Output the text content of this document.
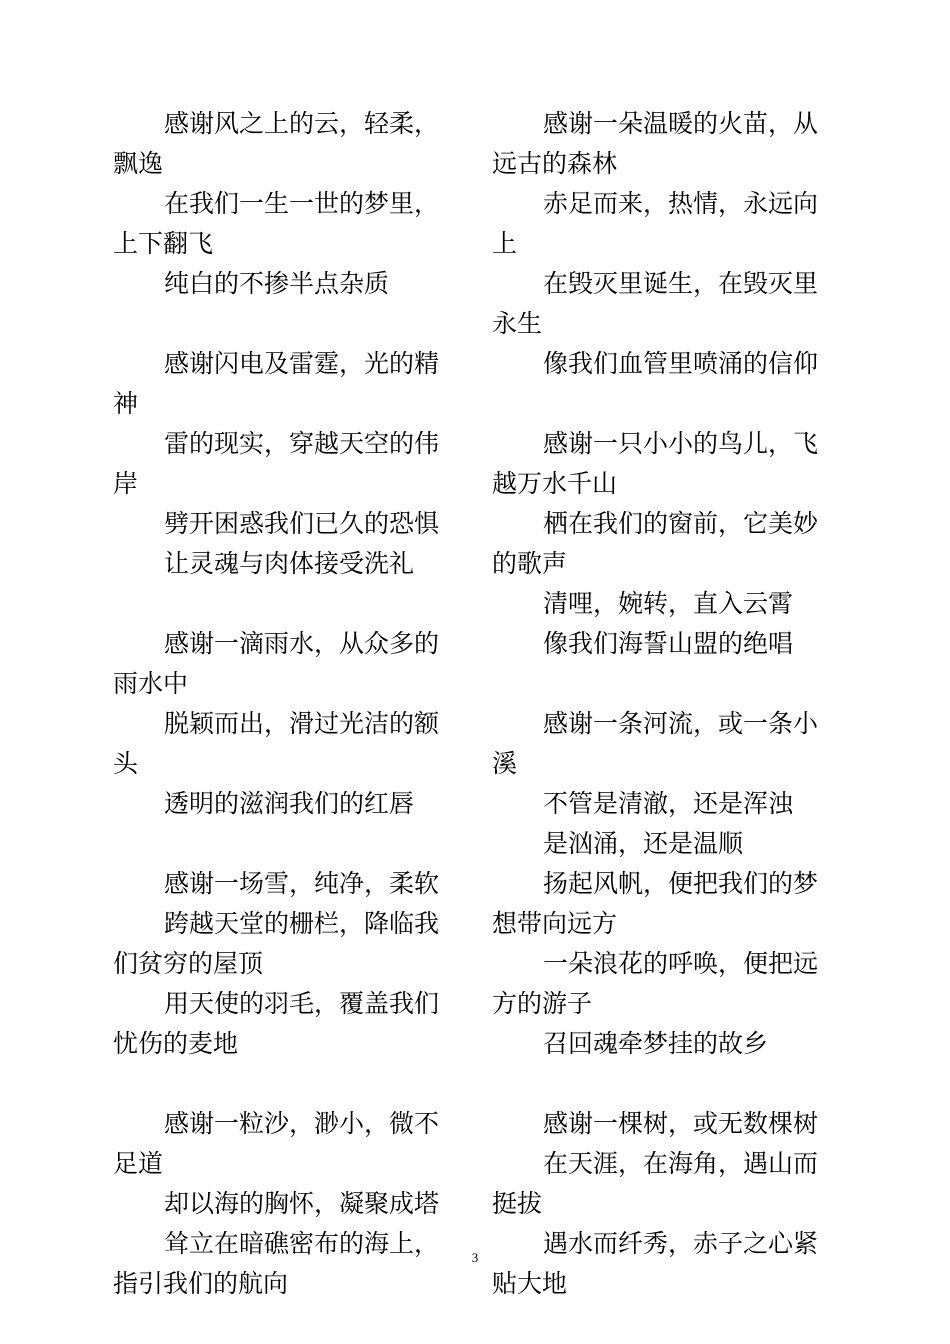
感谢风之上的云，轻柔，飘逸

在我们一生一世的梦里，上下翻飞

纯白的不掺半点杂质

感谢闪电及雷霆，光的精神

雷的现实，穿越天空的伟岸

劈开困惑我们已久的恐惧

让灵魂与肉体接受洗礼

感谢一滴雨水，从众多的雨水中

脱颖而出，滑过光洁的额头

透明的滋润我们的红唇

感谢一场雪，纯净，柔软

跨越天堂的栅栏，降临我们贫穷的屋顶

用天使的羽毛，覆盖我们忧伤的麦地

感谢一粒沙，渺小，微不足道

却以海的胸怀，凝聚成塔

耸立在暗礁密布的海上，指引我们的航向

感谢一朵温暖的火苗，从远古的森林

赤足而来，热情，永远向上

在毁灭里诞生，在毁灭里永生

像我们血管里喷涌的信仰

感谢一只小小的鸟儿，飞越万水千山

栖在我们的窗前，它美妙的歌声

清哩，婉转，直入云霄

像我们海誓山盟的绝唱

感谢一条河流，或一条小溪

不管是清澈，还是浑浊

是汹涌，还是温顺

扬起风帆，便把我们的梦想带向远方

一朵浪花的呼唤，便把远方的游子

召回魂牵梦挂的故乡

感谢一棵树，或无数棵树

在天涯，在海角，遇山而挺拔

遇水而纤秀，赤子之心紧贴大地

3
